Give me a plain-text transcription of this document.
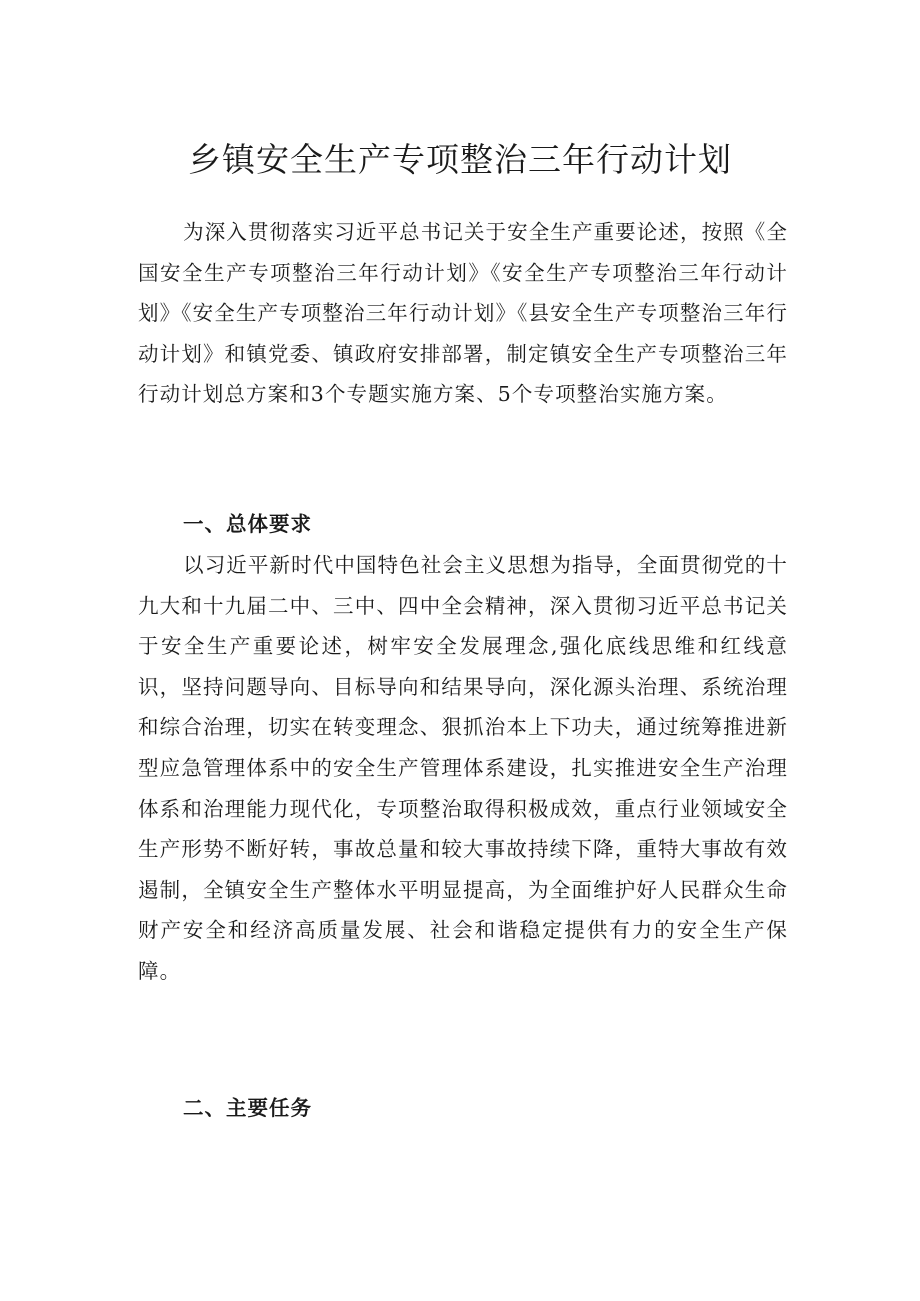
乡镇安全生产专项整治三年行动计划

为深入贯彻落实习近平总书记关于安全生产重要论述，按照《全国安全生产专项整治三年行动计划》《安全生产专项整治三年行动计划》《安全生产专项整治三年行动计划》《县安全生产专项整治三年行动计划》和镇党委、镇政府安排部署，制定镇安全生产专项整治三年行动计划总方案和3个专题实施方案、5个专项整治实施方案。

一、总体要求

以习近平新时代中国特色社会主义思想为指导，全面贯彻党的十九大和十九届二中、三中、四中全会精神，深入贯彻习近平总书记关于安全生产重要论述，树牢安全发展理念,强化底线思维和红线意识，坚持问题导向、目标导向和结果导向，深化源头治理、系统治理和综合治理，切实在转变理念、狠抓治本上下功夫，通过统筹推进新型应急管理体系中的安全生产管理体系建设，扎实推进安全生产治理体系和治理能力现代化，专项整治取得积极成效，重点行业领域安全生产形势不断好转，事故总量和较大事故持续下降，重特大事故有效遏制，全镇安全生产整体水平明显提高，为全面维护好人民群众生命财产安全和经济高质量发展、社会和谐稳定提供有力的安全生产保障。

二、主要任务
